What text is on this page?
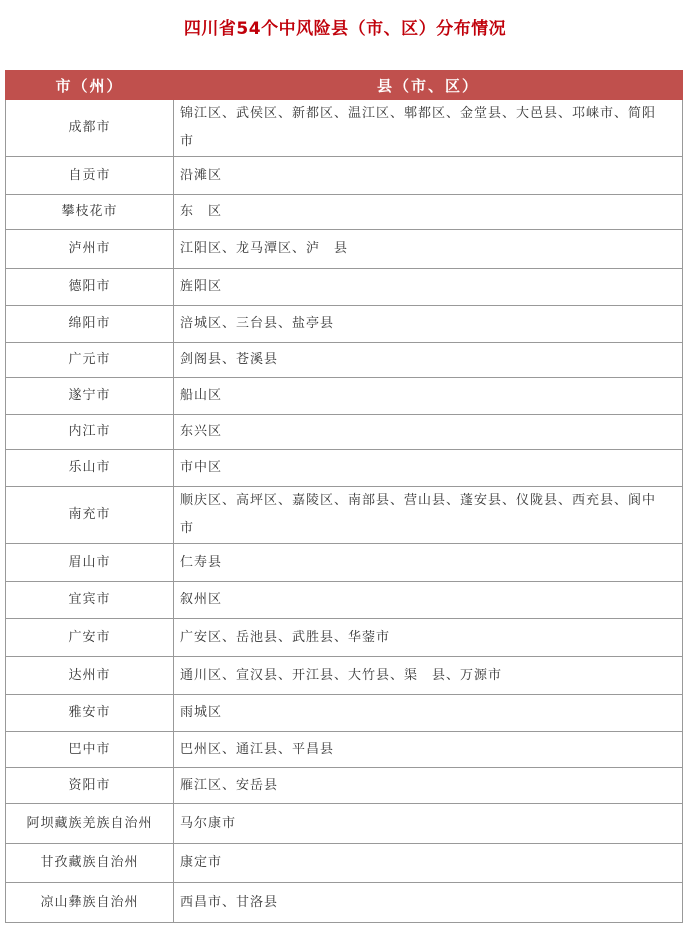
四川省54个中风险县（市、区）分布情况
市（州）	县（市、区）
成都市	锦江区、武侯区、新都区、温江区、郫都区、金堂县、大邑县、邛崃市、简阳市
自贡市	沿滩区
攀枝花市	东　区
泸州市	江阳区、龙马潭区、泸　县
德阳市	旌阳区
绵阳市	涪城区、三台县、盐亭县
广元市	剑阁县、苍溪县
遂宁市	船山区
内江市	东兴区
乐山市	市中区
南充市	顺庆区、高坪区、嘉陵区、南部县、营山县、蓬安县、仪陇县、西充县、阆中市
眉山市	仁寿县
宜宾市	叙州区
广安市	广安区、岳池县、武胜县、华蓥市
达州市	通川区、宣汉县、开江县、大竹县、渠　县、万源市
雅安市	雨城区
巴中市	巴州区、通江县、平昌县
资阳市	雁江区、安岳县
阿坝藏族羌族自治州	马尔康市
甘孜藏族自治州	康定市
凉山彝族自治州	西昌市、甘洛县
